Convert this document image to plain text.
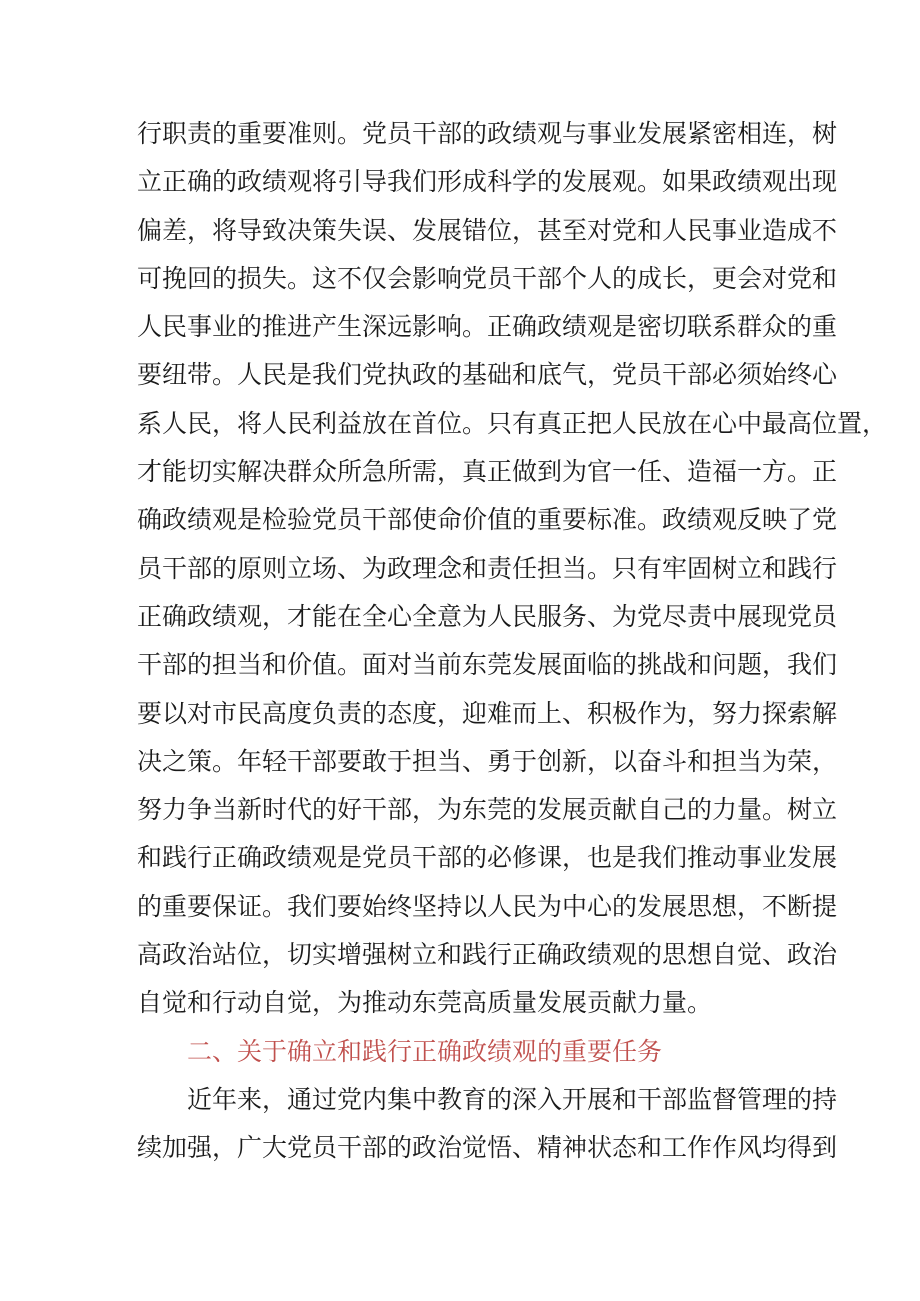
行职责的重要准则。党员干部的政绩观与事业发展紧密相连，树
立正确的政绩观将引导我们形成科学的发展观。如果政绩观出现
偏差，将导致决策失误、发展错位，甚至对党和人民事业造成不
可挽回的损失。这不仅会影响党员干部个人的成长，更会对党和
人民事业的推进产生深远影响。正确政绩观是密切联系群众的重
要纽带。人民是我们党执政的基础和底气，党员干部必须始终心
系人民，将人民利益放在首位。只有真正把人民放在心中最高位置，
才能切实解决群众所急所需，真正做到为官一任、造福一方。正
确政绩观是检验党员干部使命价值的重要标准。政绩观反映了党
员干部的原则立场、为政理念和责任担当。只有牢固树立和践行
正确政绩观，才能在全心全意为人民服务、为党尽责中展现党员
干部的担当和价值。面对当前东莞发展面临的挑战和问题，我们
要以对市民高度负责的态度，迎难而上、积极作为，努力探索解
决之策。年轻干部要敢于担当、勇于创新，以奋斗和担当为荣，
努力争当新时代的好干部，为东莞的发展贡献自己的力量。树立
和践行正确政绩观是党员干部的必修课，也是我们推动事业发展
的重要保证。我们要始终坚持以人民为中心的发展思想，不断提
高政治站位，切实增强树立和践行正确政绩观的思想自觉、政治
自觉和行动自觉，为推动东莞高质量发展贡献力量。
二、关于确立和践行正确政绩观的重要任务
近年来，通过党内集中教育的深入开展和干部监督管理的持
续加强，广大党员干部的政治觉悟、精神状态和工作作风均得到
